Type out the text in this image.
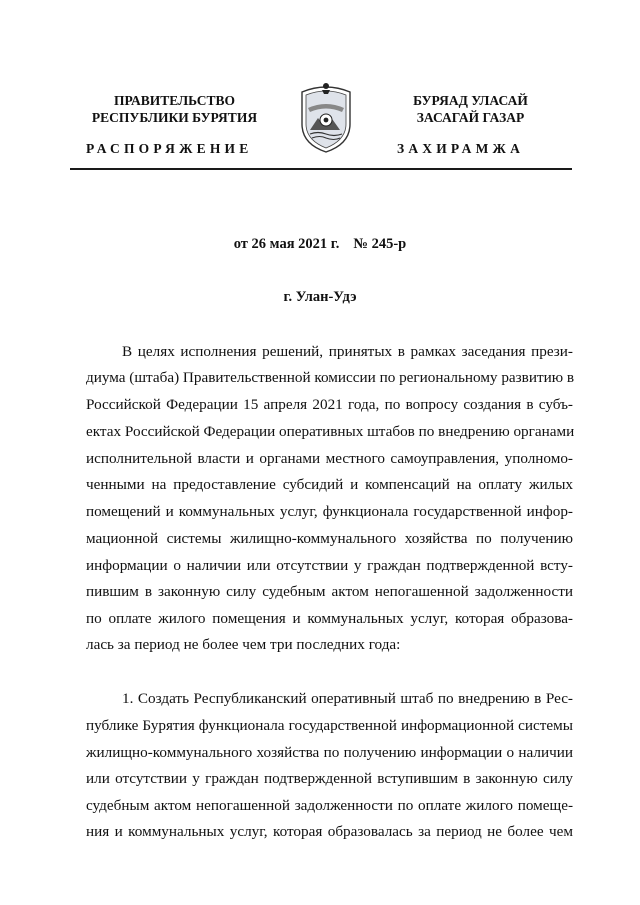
ПРАВИТЕЛЬСТВО
РЕСПУБЛИКИ БУРЯТИЯ
БУРЯАД УЛАСАЙ
ЗАСАГАЙ ГАЗАР
РАСПОРЯЖЕНИЕ	ЗАХИРАМЖА
от 26 мая 2021 г. № 245-р
г. Улан-Удэ
В целях исполнения решений, принятых в рамках заседания прези-
диума (штаба) Правительственной комиссии по региональному развитию в
Российской Федерации 15 апреля 2021 года, по вопросу создания в субъ-
ектах Российской Федерации оперативных штабов по внедрению органами
исполнительной власти и органами местного самоуправления, уполномо-
ченными на предоставление субсидий и компенсаций на оплату жилых
помещений и коммунальных услуг, функционала государственной инфор-
мационной системы жилищно-коммунального хозяйства по получению
информации о наличии или отсутствии у граждан подтвержденной всту-
пившим в законную силу судебным актом непогашенной задолженности
по оплате жилого помещения и коммунальных услуг, которая образова-
лась за период не более чем три последних года:
1. Создать Республиканский оперативный штаб по внедрению в Рес-
публике Бурятия функционала государственной информационной системы
жилищно-коммунального хозяйства по получению информации о наличии
или отсутствии у граждан подтвержденной вступившим в законную силу
судебным актом непогашенной задолженности по оплате жилого помеще-
ния и коммунальных услуг, которая образовалась за период не более чем
